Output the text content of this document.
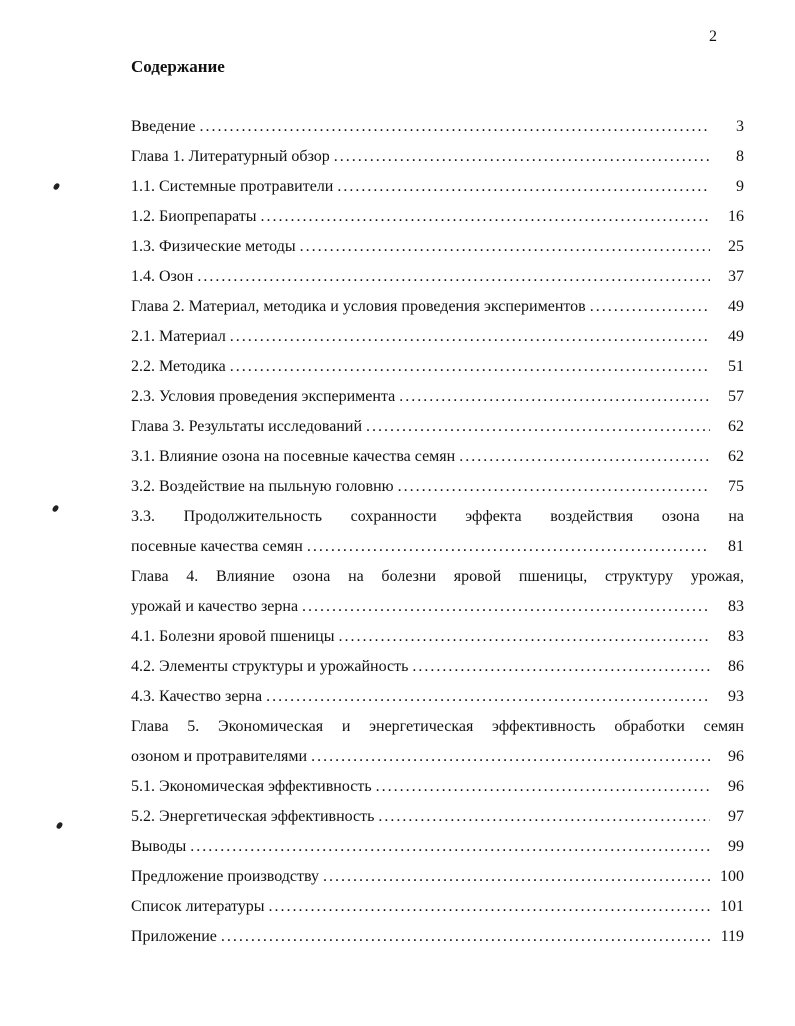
2
Содержание
Введение .....	3
Глава 1. Литературный обзор .....	8
1.1. Системные протравители .....	9
1.2. Биопрепараты .....	16
1.3. Физические методы .....	25
1.4. Озон .....	37
Глава 2. Материал, методика и условия проведения экспериментов .....	49
2.1. Материал .....	49
2.2. Методика .....	51
2.3. Условия проведения эксперимента .....	57
Глава 3. Результаты исследований .....	62
3.1. Влияние озона на посевные качества семян .....	62
3.2. Воздействие на пыльную головню .....	75
3.3. Продолжительность сохранности эффекта воздействия озона на
посевные качества семян .....	81
Глава 4. Влияние озона на болезни яровой пшеницы, структуру урожая,
урожай и качество зерна .....	83
4.1. Болезни яровой пшеницы .....	83
4.2. Элементы структуры и урожайность .....	86
4.3. Качество зерна .....	93
Глава 5. Экономическая и энергетическая эффективность обработки семян
озоном и протравителями .....	96
5.1. Экономическая эффективность .....	96
5.2. Энергетическая эффективность .....	97
Выводы .....	99
Предложение производству .....	100
Список литературы .....	101
Приложение .....	119
